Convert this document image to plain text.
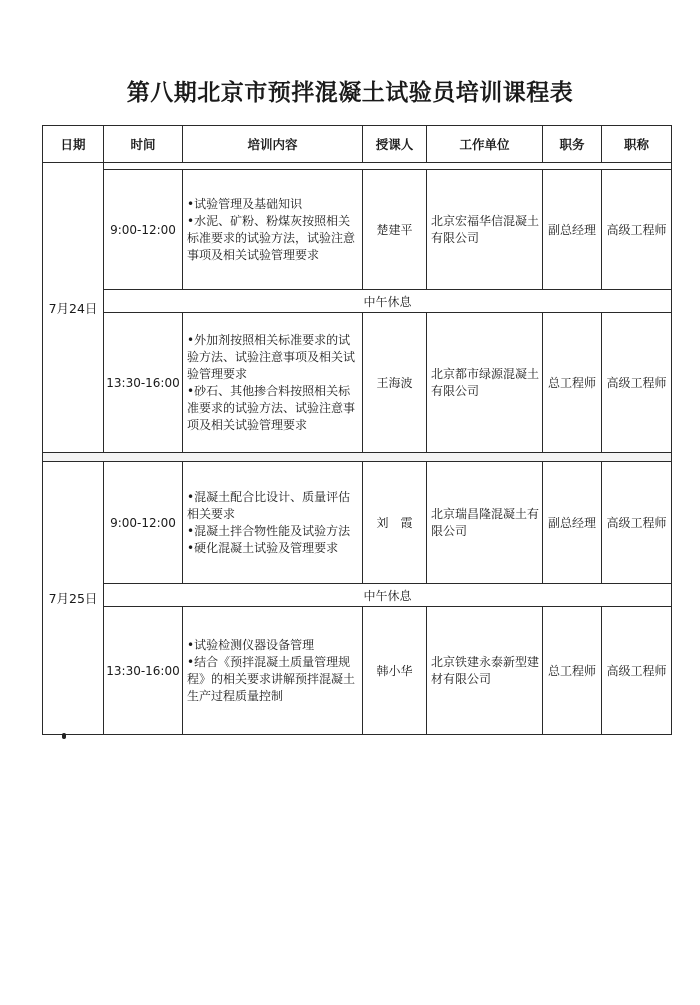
第八期北京市预拌混凝土试验员培训课程表
日期	时间	培训内容	授课人	工作单位	职务	职称
7月24日						
	9:00-12:00	•试验管理及基础知识
•水泥、矿粉、粉煤灰按照相关标准要求的试验方法，试验注意事项及相关试验管理要求	楚建平	北京宏福华信混凝土有限公司	副总经理	高级工程师
	中午休息					
	13:30-16:00	•外加剂按照相关标准要求的试验方法、试验注意事项及相关试验管理要求
•砂石、其他掺合料按照相关标准要求的试验方法、试验注意事项及相关试验管理要求	王海波	北京都市绿源混凝土有限公司	总工程师	高级工程师

7月25日	9:00-12:00	•混凝土配合比设计、质量评估相关要求
•混凝土拌合物性能及试验方法
•硬化混凝土试验及管理要求	刘　霞	北京瑞昌隆混凝土有限公司	副总经理	高级工程师
	中午休息					
	13:30-16:00	•试验检测仪器设备管理
•结合《预拌混凝土质量管理规程》的相关要求讲解预拌混凝土生产过程质量控制	韩小华	北京铁建永泰新型建材有限公司	总工程师	高级工程师
